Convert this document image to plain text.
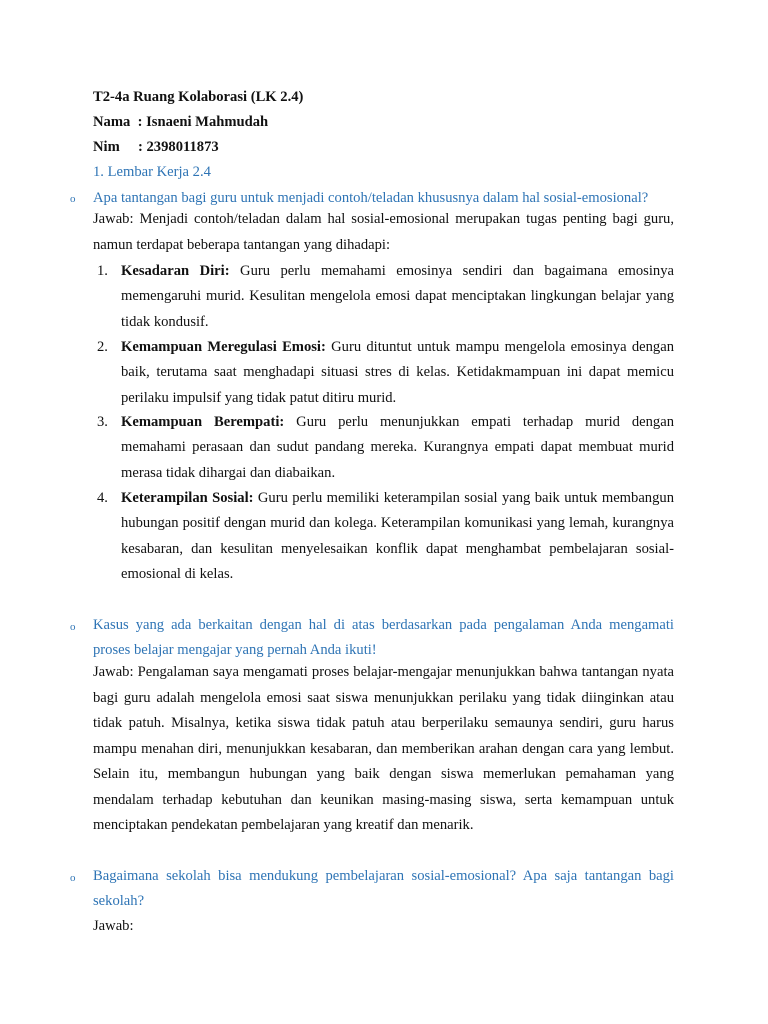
T2-4a Ruang Kolaborasi (LK 2.4)
Nama  : Isnaeni Mahmudah
Nim     : 2398011873
1. Lembar Kerja 2.4
o Apa tantangan bagi guru untuk menjadi contoh/teladan khususnya dalam hal sosial-emosional?
Jawab: Menjadi contoh/teladan dalam hal sosial-emosional merupakan tugas penting bagi guru, namun terdapat beberapa tantangan yang dihadapi:
1. Kesadaran Diri: Guru perlu memahami emosinya sendiri dan bagaimana emosinya memengaruhi murid. Kesulitan mengelola emosi dapat menciptakan lingkungan belajar yang tidak kondusif.
2. Kemampuan Meregulasi Emosi: Guru dituntut untuk mampu mengelola emosinya dengan baik, terutama saat menghadapi situasi stres di kelas. Ketidakmampuan ini dapat memicu perilaku impulsif yang tidak patut ditiru murid.
3. Kemampuan Berempati: Guru perlu menunjukkan empati terhadap murid dengan memahami perasaan dan sudut pandang mereka. Kurangnya empati dapat membuat murid merasa tidak dihargai dan diabaikan.
4. Keterampilan Sosial: Guru perlu memiliki keterampilan sosial yang baik untuk membangun hubungan positif dengan murid dan kolega. Keterampilan komunikasi yang lemah, kurangnya kesabaran, dan kesulitan menyelesaikan konflik dapat menghambat pembelajaran sosial-emosional di kelas.
o Kasus yang ada berkaitan dengan hal di atas berdasarkan pada pengalaman Anda mengamati proses belajar mengajar yang pernah Anda ikuti!
Jawab: Pengalaman saya mengamati proses belajar-mengajar menunjukkan bahwa tantangan nyata bagi guru adalah mengelola emosi saat siswa menunjukkan perilaku yang tidak diinginkan atau tidak patuh. Misalnya, ketika siswa tidak patuh atau berperilaku semaunya sendiri, guru harus mampu menahan diri, menunjukkan kesabaran, dan memberikan arahan dengan cara yang lembut. Selain itu, membangun hubungan yang baik dengan siswa memerlukan pemahaman yang mendalam terhadap kebutuhan dan keunikan masing-masing siswa, serta kemampuan untuk menciptakan pendekatan pembelajaran yang kreatif dan menarik.
o Bagaimana sekolah bisa mendukung pembelajaran sosial-emosional? Apa saja tantangan bagi sekolah?
Jawab:
